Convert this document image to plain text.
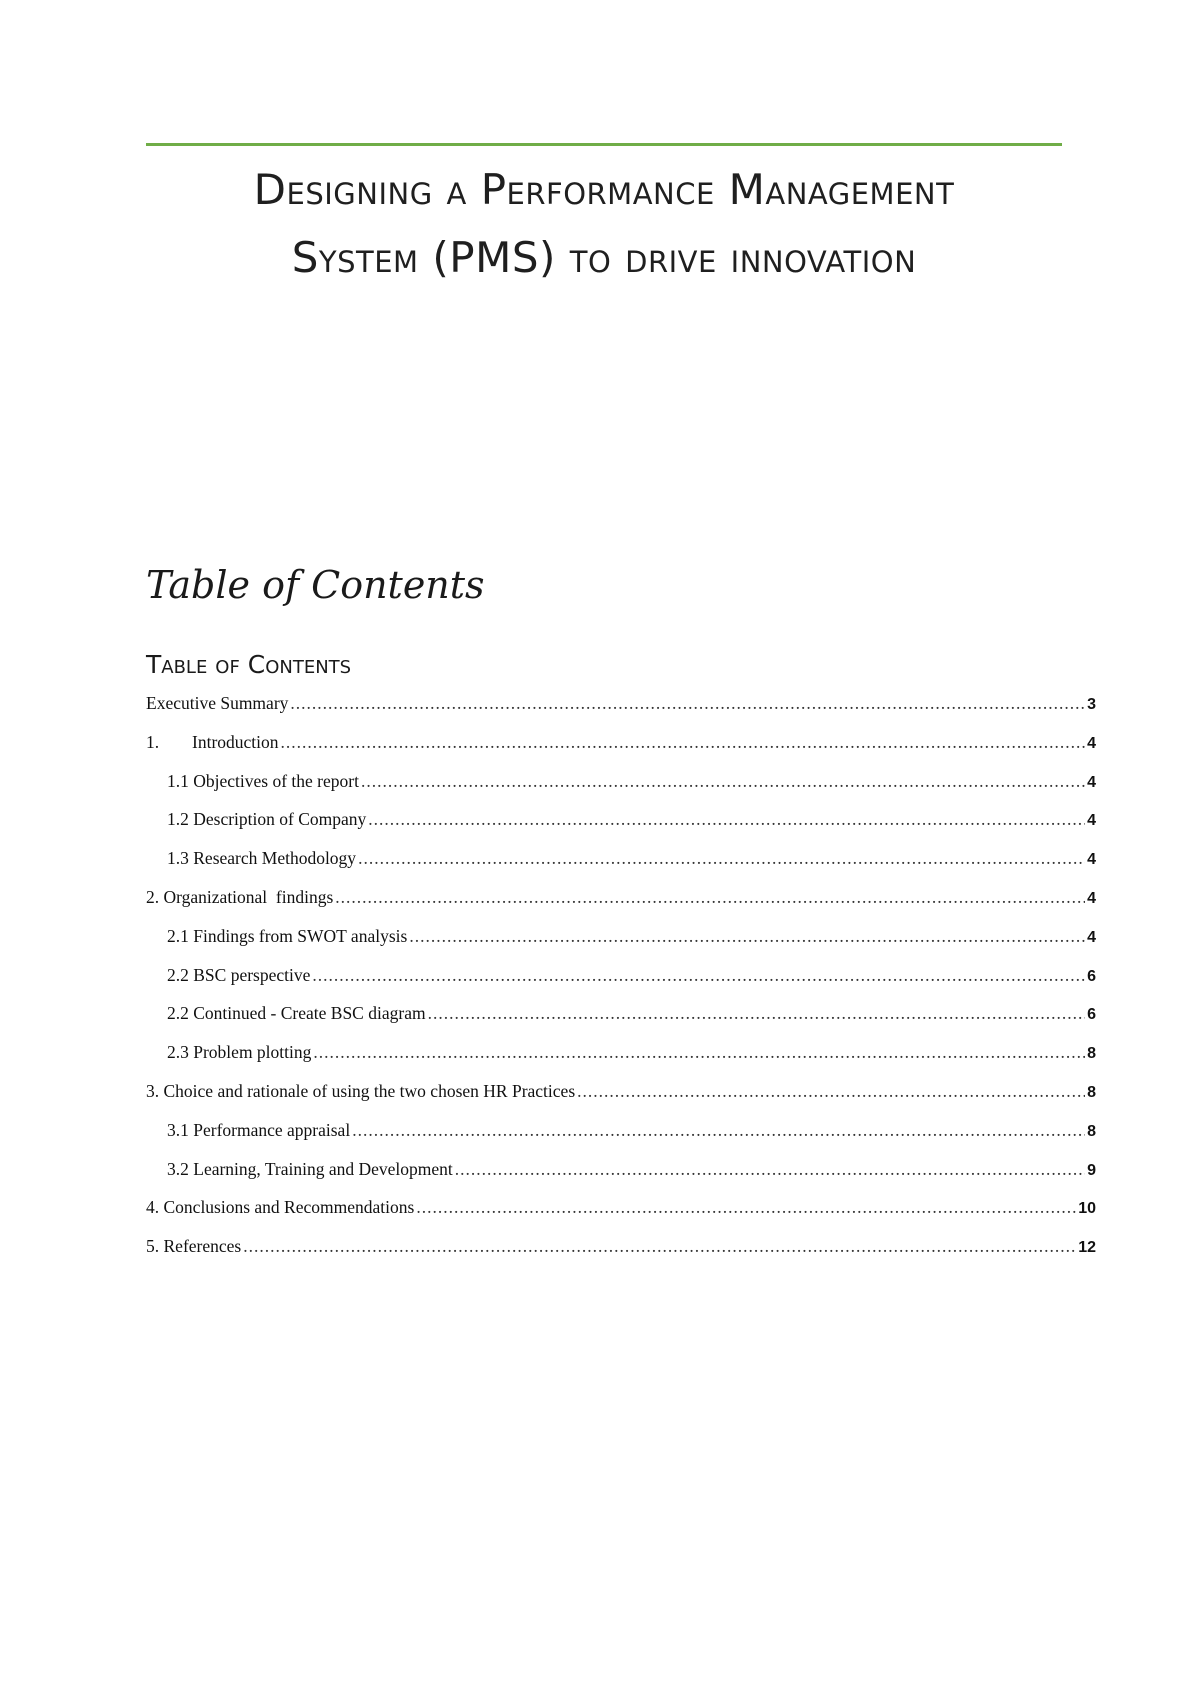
Designing a Performance Management
System (PMS) to drive innovation
Table of Contents
Table of Contents
Executive Summary .....	3
1.	Introduction .....	4
1.1 Objectives of the report .....	4
1.2 Description of Company .....	4
1.3 Research Methodology .....	4
2. Organizational  findings .....	4
2.1 Findings from SWOT analysis .....	4
2.2 BSC perspective .....	6
2.2 Continued - Create BSC diagram .....	6
2.3 Problem plotting .....	8
3. Choice and rationale of using the two chosen HR Practices .....	8
3.1 Performance appraisal .....	8
3.2 Learning, Training and Development .....	9
4. Conclusions and Recommendations .....	10
5. References .....	12
